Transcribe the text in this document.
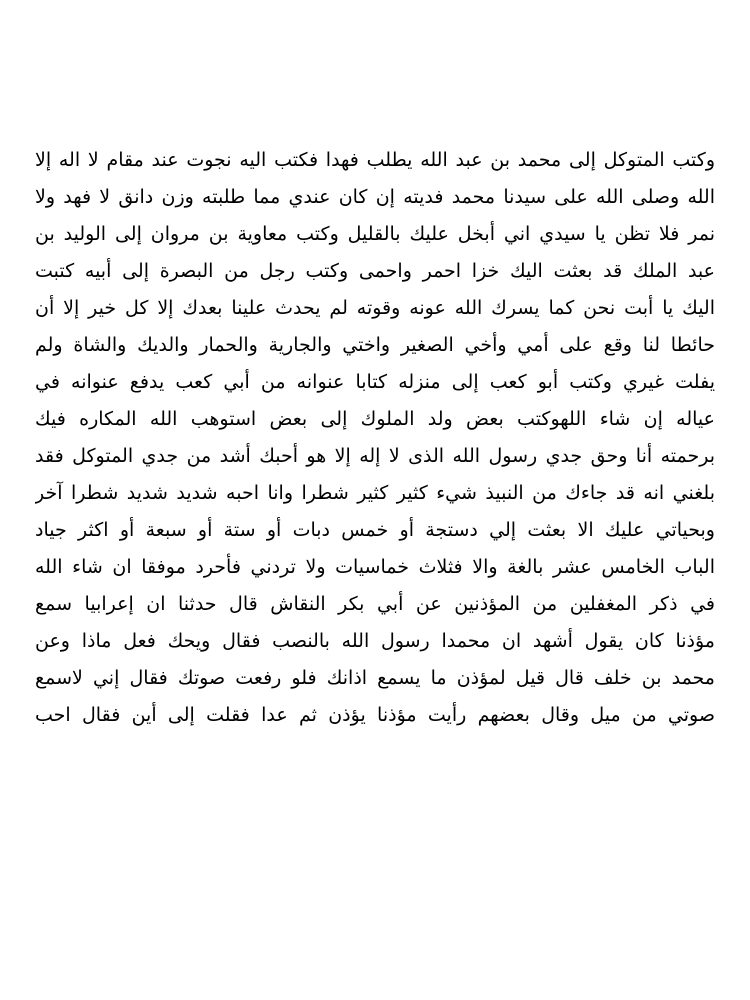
وكتب المتوكل إلى محمد بن عبد الله يطلب فهدا فكتب اليه نجوت عند مقام لا اله إلا
الله وصلى الله على سيدنا محمد فديته إن كان عندي مما طلبته وزن دانق لا فهد ولا
نمر فلا تظن يا سيدي اني أبخل عليك بالقليل وكتب معاوية بن مروان إلى الوليد بن
عبد الملك قد بعثت اليك خزا احمر واحمى وكتب رجل من البصرة إلى أبيه كتبت
اليك يا أبت نحن كما يسرك الله عونه وقوته لم يحدث علينا بعدك إلا كل خير إلا أن
حائطا لنا وقع على أمي وأخي الصغير واختي والجارية والحمار والديك والشاة ولم
يفلت غيري وكتب أبو كعب إلى منزله كتابا عنوانه من أبي كعب يدفع عنوانه في
عياله إن شاء اللهوكتب بعض ولد الملوك إلى بعض استوهب الله المكاره فيك
برحمته أنا وحق جدي رسول الله الذى لا إله إلا هو أحبك أشد من جدي المتوكل فقد
بلغني انه قد جاءك من النبيذ شيء كثير كثير شطرا وانا احبه شديد شديد شطرا آخر
وبحياتي عليك الا بعثت إلي دستجة أو خمس دبات أو ستة أو سبعة أو اكثر جياد
الباب الخامس عشر بالغة والا فثلاث خماسيات ولا تردني فأحرد موفقا ان شاء الله
في ذكر المغفلين من المؤذنين عن أبي بكر النقاش قال حدثنا ان إعرابيا سمع
مؤذنا كان يقول أشهد ان محمدا رسول الله بالنصب فقال ويحك فعل ماذا وعن
محمد بن خلف قال قيل لمؤذن ما يسمع اذانك فلو رفعت صوتك فقال إني لاسمع
صوتي من ميل وقال بعضهم رأيت مؤذنا يؤذن ثم عدا فقلت إلى أين فقال احب
